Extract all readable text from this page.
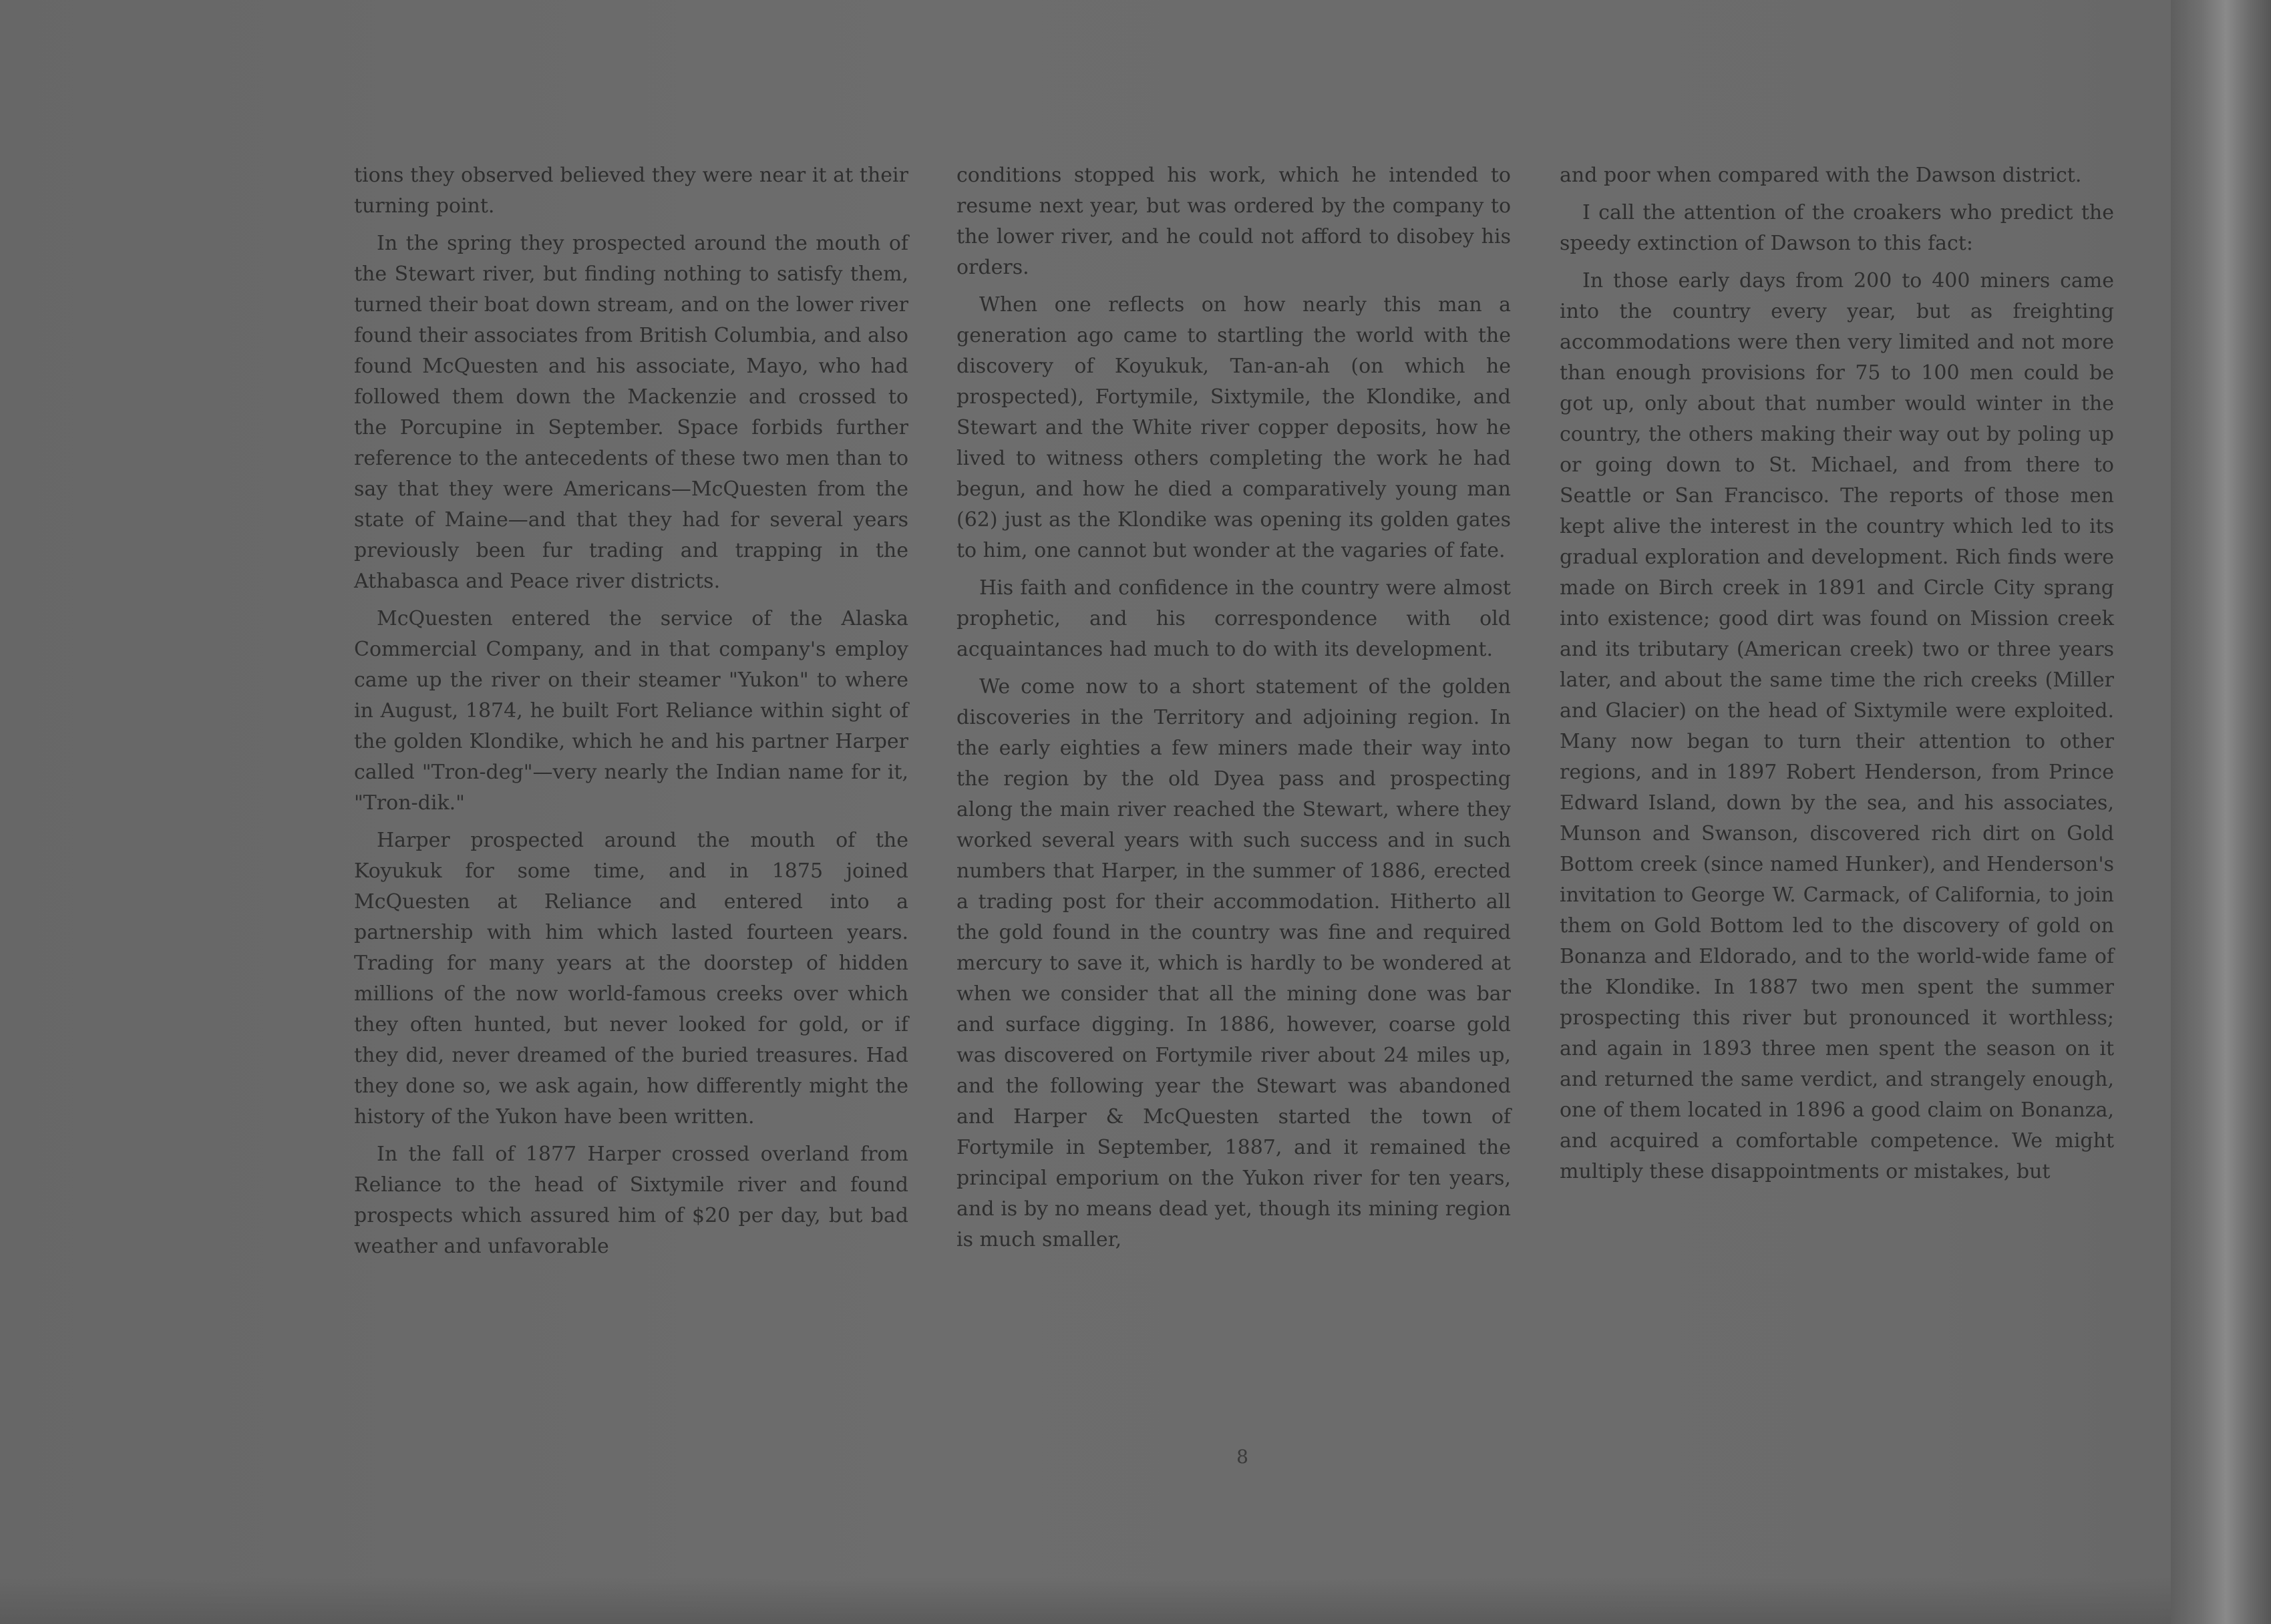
tions they observed believed they were near it at their turning point.

In the spring they prospected around the mouth of the Stewart river, but finding nothing to satisfy them, turned their boat down stream, and on the lower river found their associates from British Columbia, and also found McQuesten and his associate, Mayo, who had followed them down the Mackenzie and crossed to the Porcupine in September. Space forbids further reference to the antecedents of these two men than to say that they were Americans—McQuesten from the state of Maine—and that they had for several years previously been fur trading and trapping in the Athabasca and Peace river districts.

McQuesten entered the service of the Alaska Commercial Company, and in that company's employ came up the river on their steamer "Yukon" to where in August, 1874, he built Fort Reliance within sight of the golden Klondike, which he and his partner Harper called "Tron-deg"—very nearly the Indian name for it, "Tron-dik."

Harper prospected around the mouth of the Koyukuk for some time, and in 1875 joined McQuesten at Reliance and entered into a partnership with him which lasted fourteen years. Trading for many years at the doorstep of hidden millions of the now world-famous creeks over which they often hunted, but never looked for gold, or if they did, never dreamed of the buried treasures. Had they done so, we ask again, how differently might the history of the Yukon have been written.

In the fall of 1877 Harper crossed overland from Reliance to the head of Sixtymile river and found prospects which assured him of $20 per day, but bad weather and unfavorable

conditions stopped his work, which he intended to resume next year, but was ordered by the company to the lower river, and he could not afford to disobey his orders.

When one reflects on how nearly this man a generation ago came to startling the world with the discovery of Koyukuk, Tan-an-ah (on which he prospected), Fortymile, Sixtymile, the Klondike, and Stewart and the White river copper deposits, how he lived to witness others completing the work he had begun, and how he died a comparatively young man (62) just as the Klondike was opening its golden gates to him, one cannot but wonder at the vagaries of fate.

His faith and confidence in the country were almost prophetic, and his correspondence with old acquaintances had much to do with its development.

We come now to a short statement of the golden discoveries in the Territory and adjoining region. In the early eighties a few miners made their way into the region by the old Dyea pass and prospecting along the main river reached the Stewart, where they worked several years with such success and in such numbers that Harper, in the summer of 1886, erected a trading post for their accommodation. Hitherto all the gold found in the country was fine and required mercury to save it, which is hardly to be wondered at when we consider that all the mining done was bar and surface digging. In 1886, however, coarse gold was discovered on Fortymile river about 24 miles up, and the following year the Stewart was abandoned and Harper & McQuesten started the town of Fortymile in September, 1887, and it remained the principal emporium on the Yukon river for ten years, and is by no means dead yet, though its mining region is much smaller,

and poor when compared with the Dawson district.

I call the attention of the croakers who predict the speedy extinction of Dawson to this fact:

In those early days from 200 to 400 miners came into the country every year, but as freighting accommodations were then very limited and not more than enough provisions for 75 to 100 men could be got up, only about that number would winter in the country, the others making their way out by poling up or going down to St. Michael, and from there to Seattle or San Francisco. The reports of those men kept alive the interest in the country which led to its gradual exploration and development. Rich finds were made on Birch creek in 1891 and Circle City sprang into existence; good dirt was found on Mission creek and its tributary (American creek) two or three years later, and about the same time the rich creeks (Miller and Glacier) on the head of Sixtymile were exploited. Many now began to turn their attention to other regions, and in 1897 Robert Henderson, from Prince Edward Island, down by the sea, and his associates, Munson and Swanson, discovered rich dirt on Gold Bottom creek (since named Hunker), and Henderson's invitation to George W. Carmack, of California, to join them on Gold Bottom led to the discovery of gold on Bonanza and Eldorado, and to the world-wide fame of the Klondike. In 1887 two men spent the summer prospecting this river but pronounced it worthless; and again in 1893 three men spent the season on it and returned the same verdict, and strangely enough, one of them located in 1896 a good claim on Bonanza, and acquired a comfortable competence. We might multiply these disappointments or mistakes, but

8
